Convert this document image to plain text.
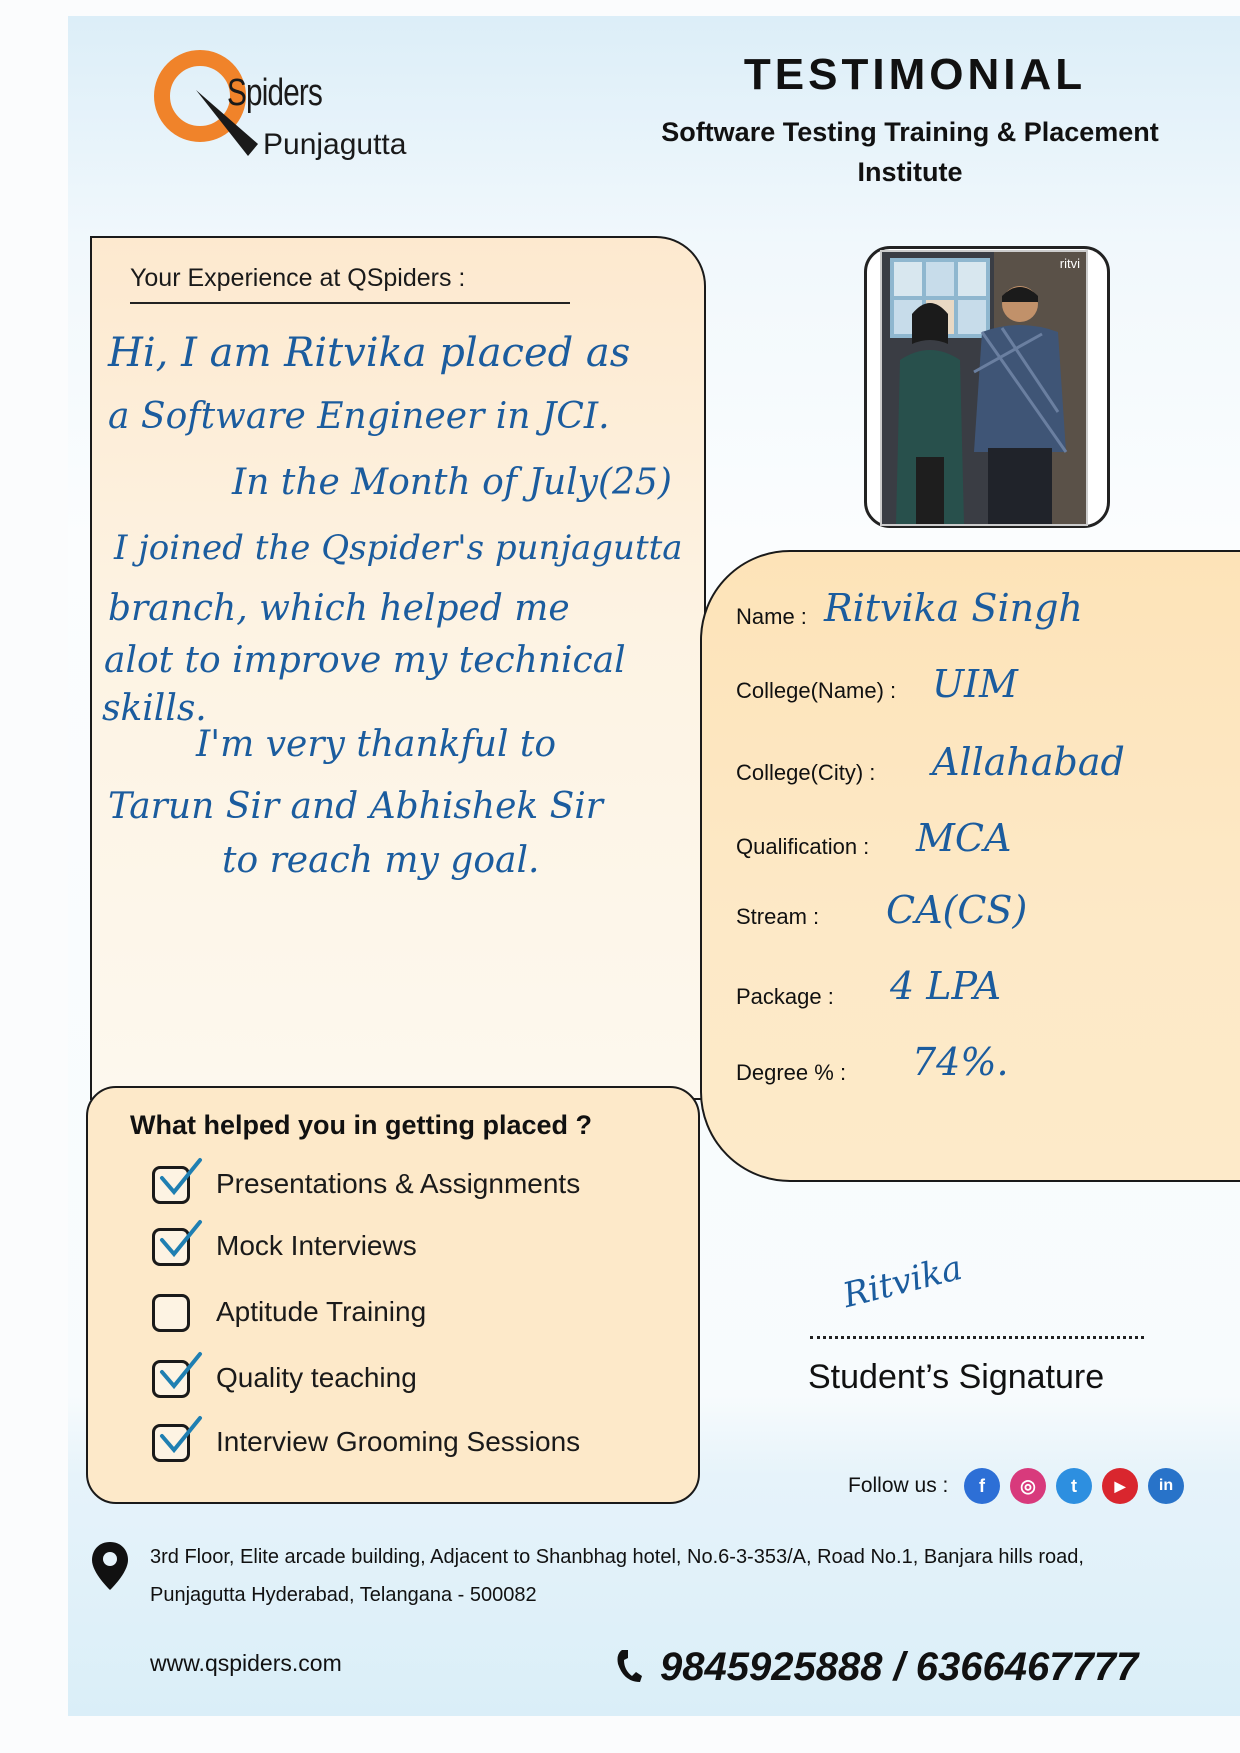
Spiders
Punjagutta
TESTIMONIAL
Software Testing Training & Placement
Institute
Your Experience at QSpiders :
Hi, I am Ritvika placed as
a Software Engineer in JCI.
In the Month of July(25)
I joined the Qspider's punjagutta
branch, which helped me
alot to improve my technical
skills.
I'm very thankful to
Tarun Sir and Abhishek Sir
to reach my goal.
ritvi
Name : Ritvika Singh
College(Name) : UIM
College(City) : Allahabad
Qualification : MCA
Stream : CA(CS)
Package : 4 LPA
Degree % : 74%.
What helped you in getting placed ?
Presentations & Assignments
Mock Interviews
Aptitude Training
Quality teaching
Interview Grooming Sessions
Ritvika
Student’s Signature
Follow us :	f	◎	t	▶	in
3rd Floor, Elite arcade building, Adjacent to Shanbhag hotel, No.6-3-353/A, Road No.1, Banjara hills road,
Punjagutta Hyderabad, Telangana - 500082
www.qspiders.com	9845925888 / 6366467777
